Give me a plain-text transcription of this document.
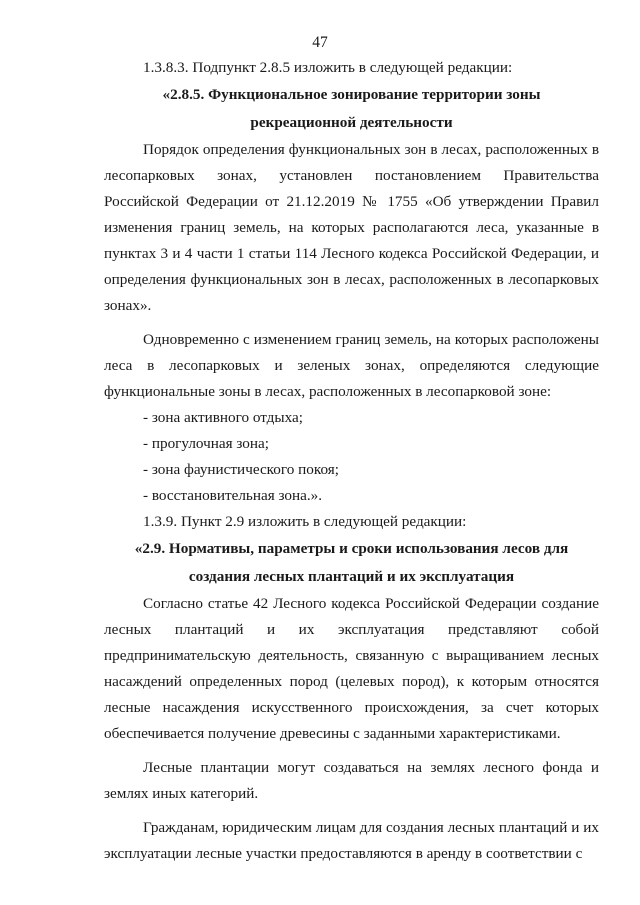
47

1.3.8.3. Подпункт 2.8.5 изложить в следующей редакции:

«2.8.5. Функциональное зонирование территории зоны
рекреационной деятельности

Порядок определения функциональных зон в лесах, расположенных в лесопарковых зонах, установлен постановлением Правительства Российской Федерации от 21.12.2019 № 1755 «Об утверждении Правил изменения границ земель, на которых располагаются леса, указанные в пунктах 3 и 4 части 1 статьи 114 Лесного кодекса Российской Федерации, и определения функциональных зон в лесах, расположенных в лесопарковых зонах».

Одновременно с изменением границ земель, на которых расположены леса в лесопарковых и зеленых зонах, определяются следующие функциональные зоны в лесах, расположенных в лесопарковой зоне:

- зона активного отдыха;

- прогулочная зона;

- зона фаунистического покоя;

- восстановительная зона.».

1.3.9. Пункт 2.9 изложить в следующей редакции:

«2.9. Нормативы, параметры и сроки использования лесов для
создания лесных плантаций и их эксплуатация

Согласно статье 42 Лесного кодекса Российской Федерации создание лесных плантаций и их эксплуатация представляют собой предпринимательскую деятельность, связанную с выращиванием лесных насаждений определенных пород (целевых пород), к которым относятся лесные насаждения искусственного происхождения, за счет которых обеспечивается получение древесины с заданными характеристиками.

Лесные плантации могут создаваться на землях лесного фонда и землях иных категорий.

Гражданам, юридическим лицам для создания лесных плантаций и их эксплуатации лесные участки предоставляются в аренду в соответствии с
